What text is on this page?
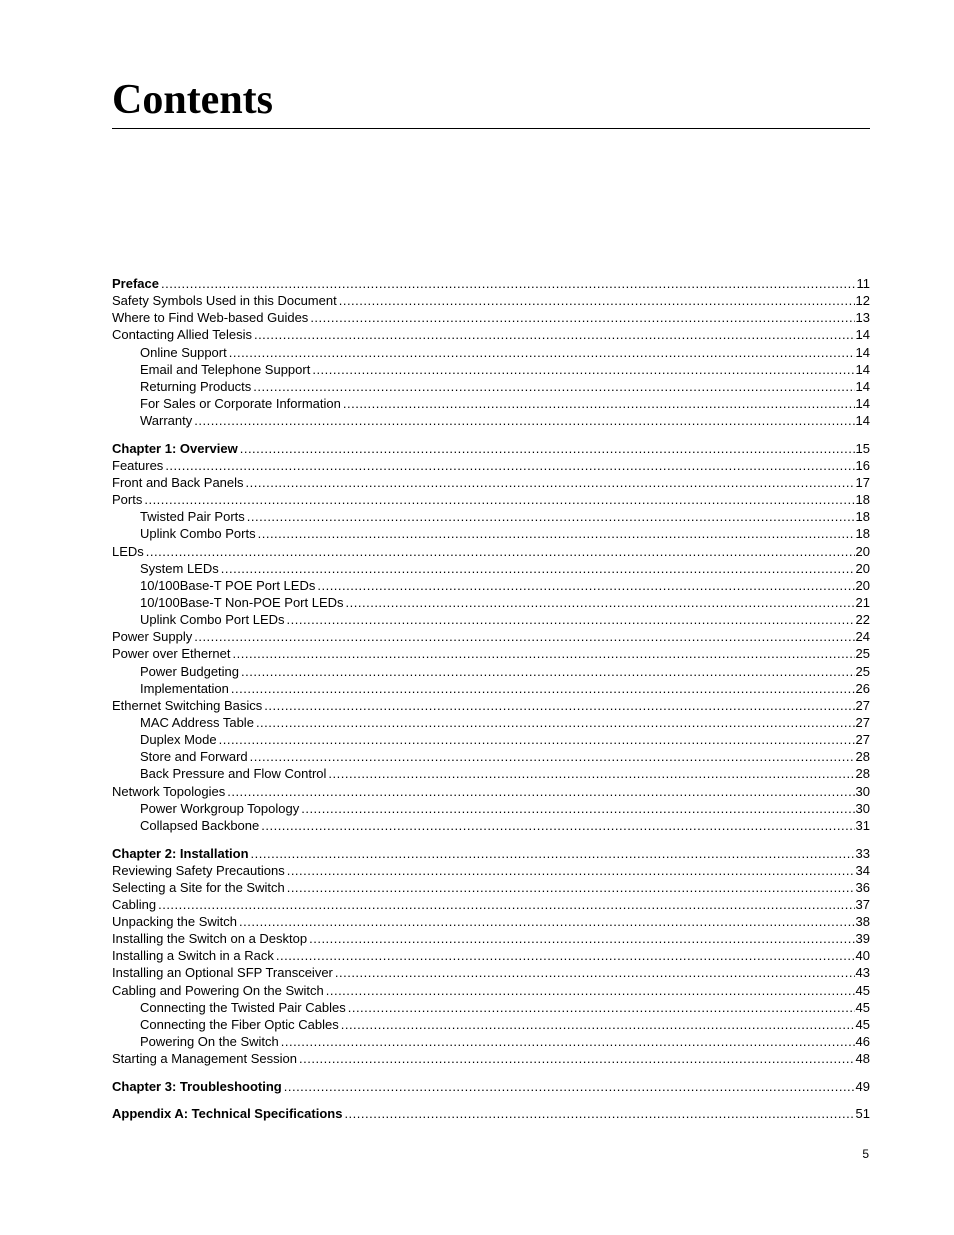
Contents
Preface .....	11
Safety Symbols Used in this Document .....	12
Where to Find Web-based Guides .....	13
Contacting Allied Telesis .....	14
Online Support .....	14
Email and Telephone Support .....	14
Returning Products .....	14
For Sales or Corporate Information .....	14
Warranty .....	14
Chapter 1: Overview .....	15
Features .....	16
Front and Back Panels .....	17
Ports .....	18
Twisted Pair Ports .....	18
Uplink Combo Ports .....	18
LEDs .....	20
System LEDs .....	20
10/100Base-T POE Port LEDs .....	20
10/100Base-T Non-POE Port LEDs .....	21
Uplink Combo Port LEDs .....	22
Power Supply .....	24
Power over Ethernet .....	25
Power Budgeting .....	25
Implementation .....	26
Ethernet Switching Basics .....	27
MAC Address Table .....	27
Duplex Mode .....	27
Store and Forward .....	28
Back Pressure and Flow Control .....	28
Network Topologies .....	30
Power Workgroup Topology .....	30
Collapsed Backbone .....	31
Chapter 2: Installation .....	33
Reviewing Safety Precautions .....	34
Selecting a Site for the Switch .....	36
Cabling .....	37
Unpacking the Switch .....	38
Installing the Switch on a Desktop .....	39
Installing a Switch in a Rack .....	40
Installing an Optional SFP Transceiver .....	43
Cabling and Powering On the Switch .....	45
Connecting the Twisted Pair Cables .....	45
Connecting the Fiber Optic Cables .....	45
Powering On the Switch .....	46
Starting a Management Session .....	48
Chapter 3: Troubleshooting .....	49
Appendix A: Technical Specifications .....	51
5
